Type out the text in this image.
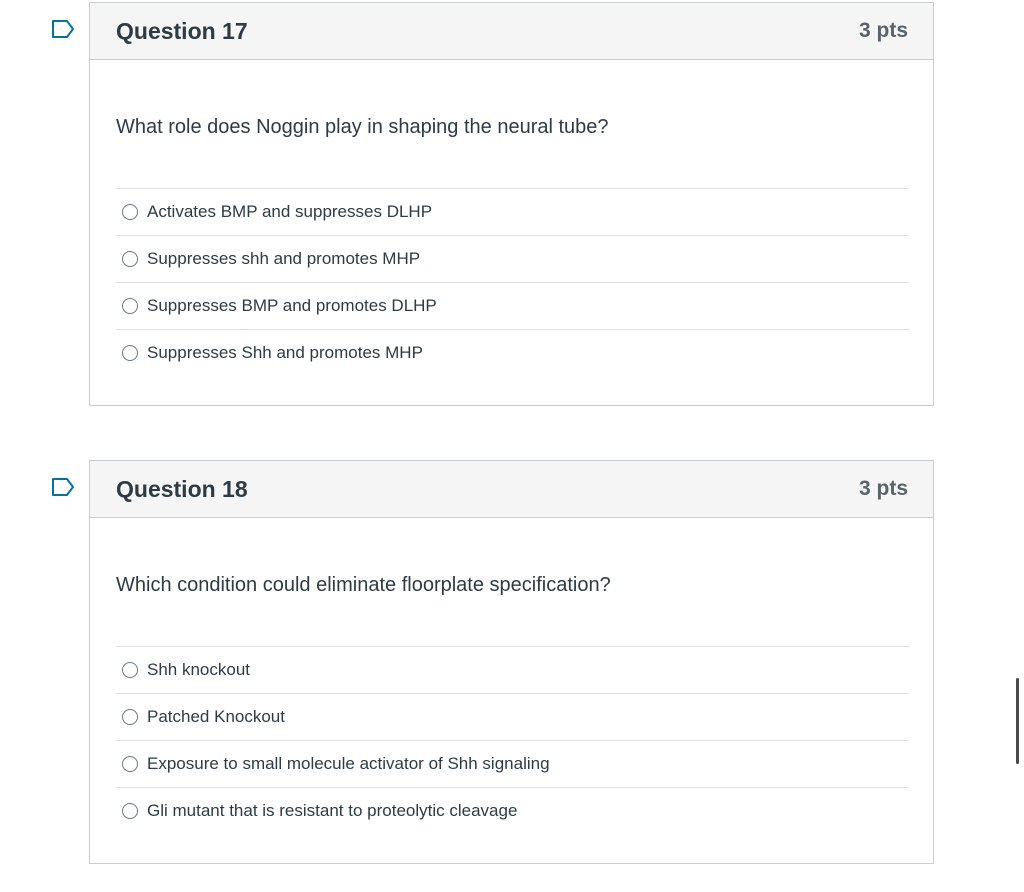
Question 17	3 pts
What role does Noggin play in shaping the neural tube?
Activates BMP and suppresses DLHP
Suppresses shh and promotes MHP
Suppresses BMP and promotes DLHP
Suppresses Shh and promotes MHP
Question 18	3 pts
Which condition could eliminate floorplate specification?
Shh knockout
Patched Knockout
Exposure to small molecule activator of Shh signaling
Gli mutant that is resistant to proteolytic cleavage
